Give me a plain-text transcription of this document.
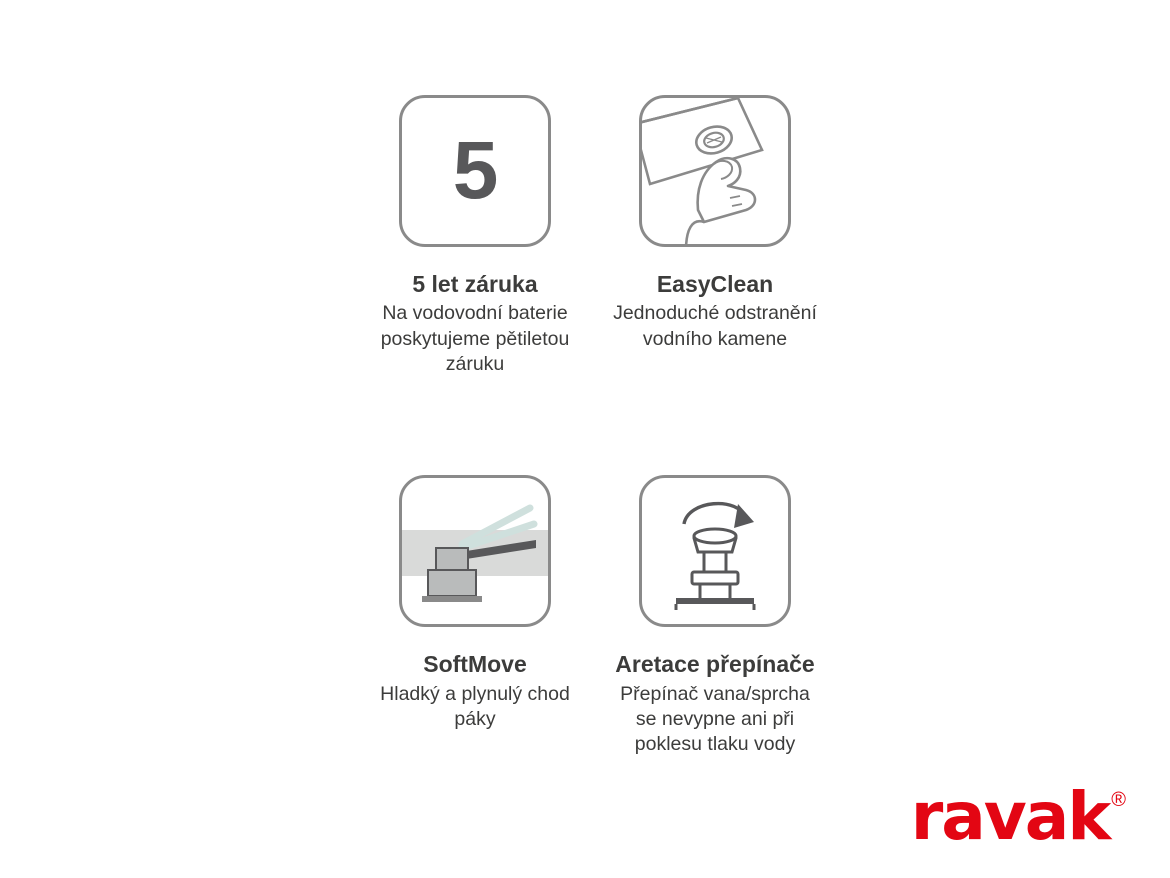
5
5 let záruka
Na vodovodní baterie poskytujeme pětiletou záruku
EasyClean
Jednoduché odstranění vodního kamene
SoftMove
Hladký a plynulý chod páky
Aretace přepínače
Přepínač vana/sprcha se nevypne ani při poklesu tlaku vody
ravak ®
